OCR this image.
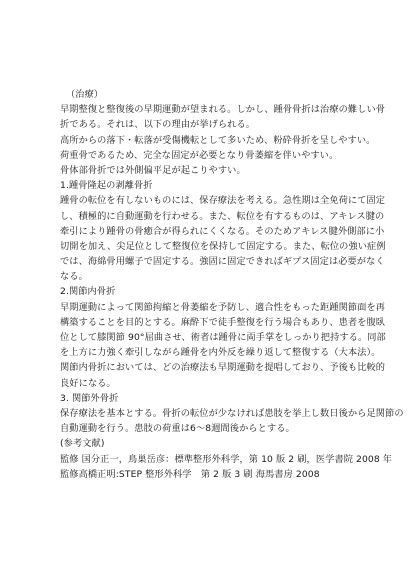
（治療）
早期整復と整復後の早期運動が望まれる。しかし、踵骨骨折は治療の難しい骨
折である。それは、以下の理由が挙げられる。
高所からの落下・転落が受傷機転として多いため、粉砕骨折を呈しやすい。
荷重骨であるため、完全な固定が必要となり骨萎縮を伴いやすい。
骨体部骨折では外側偏平足が起こりやすい。
1.踵骨隆起の剥離骨折
踵骨の転位を有しないものには、保存療法を考える。急性期は全免荷にて固定
し、積極的に自動運動を行わせる。また、転位を有するものは、アキレス腱の
牽引により踵骨の骨癒合が得られにくくなる。そのためアキレス腱外側部に小
切開を加え、尖足位として整復位を保持して固定する。また、転位の強い症例
では、海綿骨用螺子で固定する。強固に固定できればギプス固定は必要がなく
なる。
2.関節内骨折
早期運動によって関節拘縮と骨萎縮を予防し、適合性をもった距踵関節面を再
構築することを目的とする。麻酔下で徒手整復を行う場合もあり、患者を腹臥
位として膝関節 90°屈曲させ、術者は踵骨に両手掌をしっかり把持する。同部
を上方に力強く牽引しながら踵骨を内外反を繰り返して整復する（大本法）。
関節内骨折においては、どの治療法も早期運動を提唱しており、予後も比較的
良好になる。
3. 関節外骨折
保存療法を基本とする。骨折の転位が少なければ患肢を挙上し数日後から足関節の
自動運動を行う。患肢の荷重は6～8週間後からとする。
(参考文献)
監修 国分正一，鳥巣岳彦：標準整形外科学，第 10 版 2 刷，医学書院 2008 年
監修高橋正明:STEP 整形外科学　第 2 版 3 刷 海馬書房 2008
